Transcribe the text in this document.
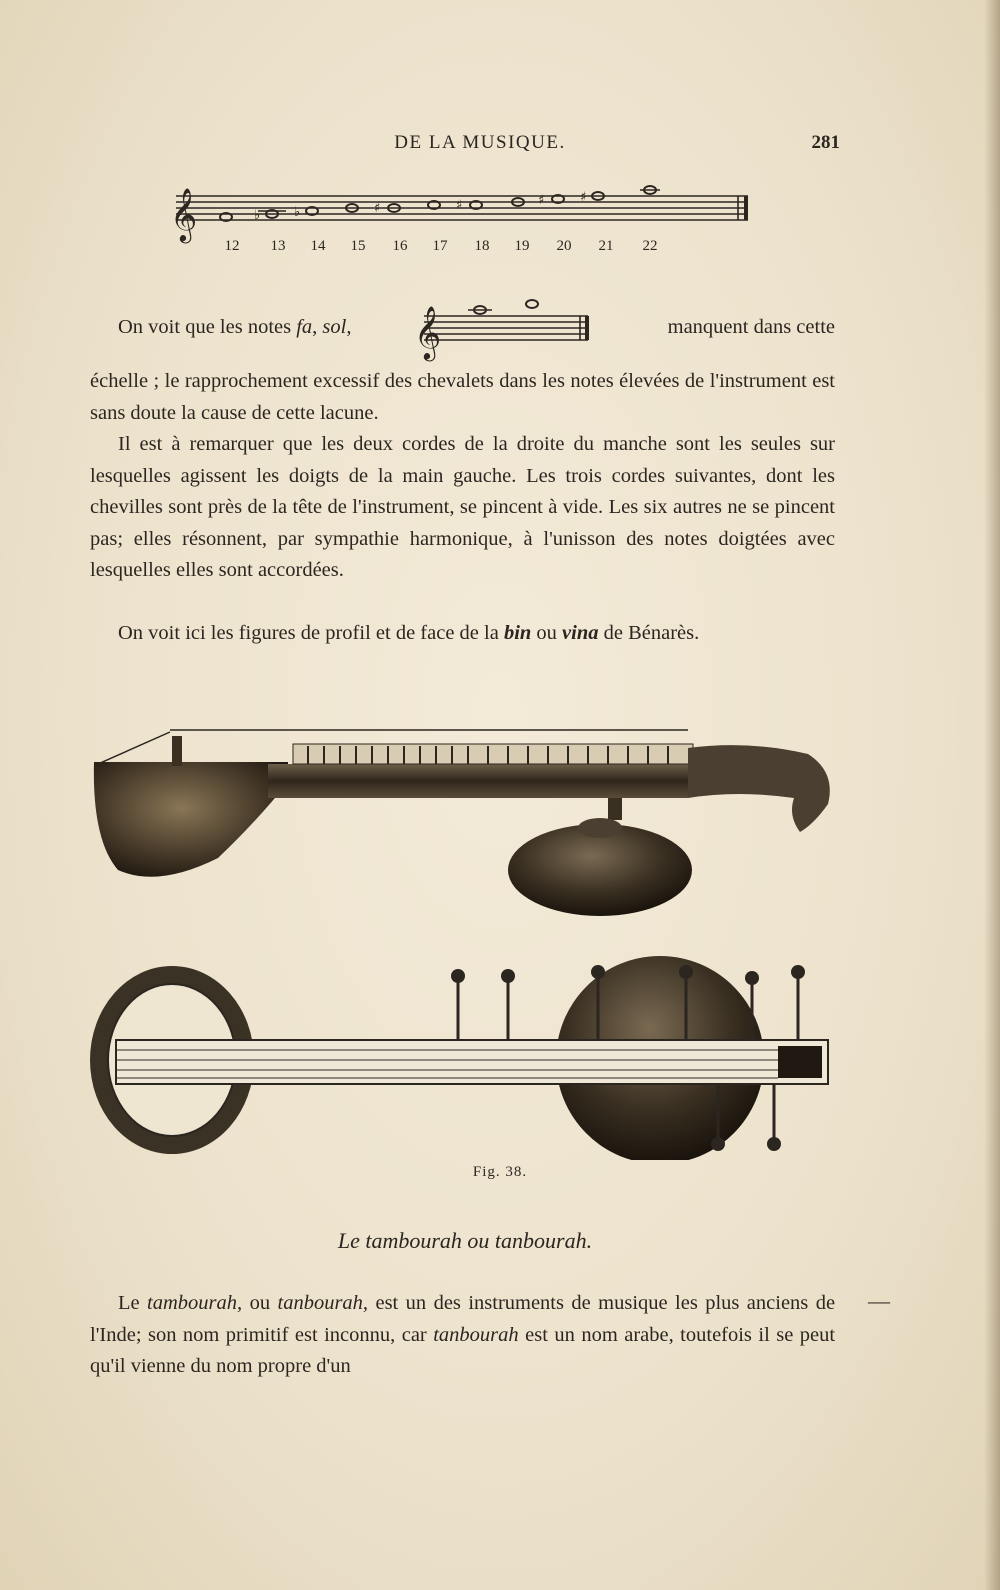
DE LA MUSIQUE.	281
𝄞	♭	♭	♯	♯	♯	♯
12 13 14 15 16 17 18 19 20 21 22
On voit que les notes fa, sol,	manquent dans cette
𝄞

échelle ; le rapprochement excessif des chevalets dans les notes élevées de l'instrument est sans doute la cause de cette lacune.

Il est à remarquer que les deux cordes de la droite du manche sont les seules sur lesquelles agissent les doigts de la main gauche. Les trois cordes suivantes, dont les chevilles sont près de la tête de l'instrument, se pincent à vide. Les six autres ne se pincent pas; elles résonnent, par sympathie harmonique, à l'unisson des notes doigtées avec lesquelles elles sont accordées.

On voit ici les figures de profil et de face de la bin ou vina de Bénarès.

Fig. 38.
Le tambourah ou tanbourah.

Le tambourah, ou tanbourah, est un des instruments de musique les plus anciens de l'Inde; son nom primitif est inconnu, car tanbourah est un nom arabe, toutefois il se peut qu'il vienne du nom propre d'un

—
